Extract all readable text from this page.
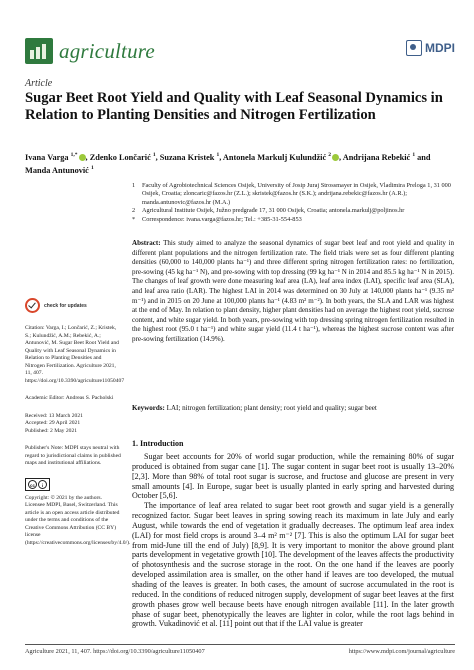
agriculture	MDPI
Article
Sugar Beet Root Yield and Quality with Leaf Seasonal Dynamics in Relation to Planting Densities and Nitrogen Fertilization
Ivana Varga $^{1,*}$ , Zdenko Lončarić $^1$, Suzana Kristek $^1$, Antonela Markulj Kulundžić $^2$ , Andrijana Rebekić $^1$ and Manda Antunović $^1$
1 Faculty of Agrobiotechnical Sciences Osijek, University of Josip Juraj Strossmayer in Osijek, Vladimira Preloga 1, 31 000 Osijek, Croatia; zloncaric@fazos.hr (Z.L.); skristek@fazos.hr (S.K.); andrijana.rebekic@fazos.hr (A.R.); manda.antunovic@fazos.hr (M.A.)
2 Agricultural Institute Osijek, Južno predgrađe 17, 31 000 Osijek, Croatia; antonela.markulj@poljinos.hr
* Correspondence: ivana.varga@fazos.hr; Tel.: +385-31-554-853
Abstract: This study aimed to analyze the seasonal dynamics of sugar beet leaf and root yield and quality in different plant populations and the nitrogen fertilization rate. The field trials were set as four different planting densities (60,000 to 140,000 plants ha⁻¹) and three different spring nitrogen fertilization rates: no fertilization, pre-sowing (45 kg ha⁻¹ N), and pre-sowing with top dressing (99 kg ha⁻¹ N in 2014 and 85.5 kg ha⁻¹ N in 2015). The changes of leaf growth were done measuring leaf area (LA), leaf area index (LAI), specific leaf area (SLA), and leaf area ratio (LAR). The highest LAI in 2014 was determined on 30 July at 140,000 plants ha⁻¹ (9.35 m² m⁻¹) and in 2015 on 20 June at 100,000 plants ha⁻¹ (4.83 m² m⁻²). In both years, the SLA and LAR was highest at the end of May. In relation to plant density, higher plant densities had on average the highest root yield, sucrose content, and white sugar yield. In both years, pre-sowing with top dressing spring nitrogen fertilization resulted in the highest root (95.0 t ha⁻¹) and white sugar yield (11.4 t ha⁻¹), whereas the highest sucrose content was after pre-sowing fertilization (14.9%).
Keywords: LAI; nitrogen fertilization; plant density; root yield and quality; sugar beet
check for updates
Citation: Varga, I.; Lončarić, Z.; Kristek, S.; Kulundžić, A.M.; Rebekić, A.; Antunović, M. Sugar Beet Root Yield and Quality with Leaf Seasonal Dynamics in Relation to Planting Densities and Nitrogen Fertilization. Agriculture 2021, 11, 407. https://doi.org/10.3390/agriculture11050407
Academic Editor: Andreas S. Pacholski
Received: 13 March 2021
Accepted: 29 April 2021
Published: 2 May 2021
Publisher's Note: MDPI stays neutral with regard to jurisdictional claims in published maps and institutional affiliations.
cc	i
Copyright: © 2021 by the authors. Licensee MDPI, Basel, Switzerland. This article is an open access article distributed under the terms and conditions of the Creative Commons Attribution (CC BY) license (https://creativecommons.org/licenses/by/4.0/).
1. Introduction

Sugar beet accounts for 20% of world sugar production, while the remaining 80% of sugar produced is obtained from sugar cane [1]. The sugar content in sugar beet root is usually 13–20% [2,3]. More than 98% of total root sugar is sucrose, and fructose and glucose are present in very small amounts [4]. In Europe, sugar beet is usually planted in early spring and harvested during October [5,6].

The importance of leaf area related to sugar beet root growth and sugar yield is a generally recognized factor. Sugar beet leaves in spring sowing reach its maximum in late July and early August, while towards the end of vegetation it gradually decreases. The optimum leaf area index (LAI) for most field crops is around 3–4 m² m⁻² [7]. This is also the optimum LAI for sugar beet from mid-June till the end of July) [8,9]. It is very important to monitor the above ground plant parts development in vegetative growth [10]. The development of the leaves affects the productivity of photosynthesis and the sucrose storage in the root. On the one hand if the leaves are poorly developed assimilation area is smaller, on the other hand if leaves are too developed, the mutual shading of the leaves is greater. In both cases, the amount of sucrose accumulated in the root is reduced. In the conditions of reduced nitrogen supply, development of sugar beet leaves at the first growth phases grow well because beets have enough nitrogen available [11]. In the later growth phase of sugar beet, phenotypically the leaves are lighter in color, while the root lags behind in growth. Vukadinović et al. [11] point out that if the LAI value is greater

Agriculture 2021, 11, 407. https://doi.org/10.3390/agriculture11050407	https://www.mdpi.com/journal/agriculture
